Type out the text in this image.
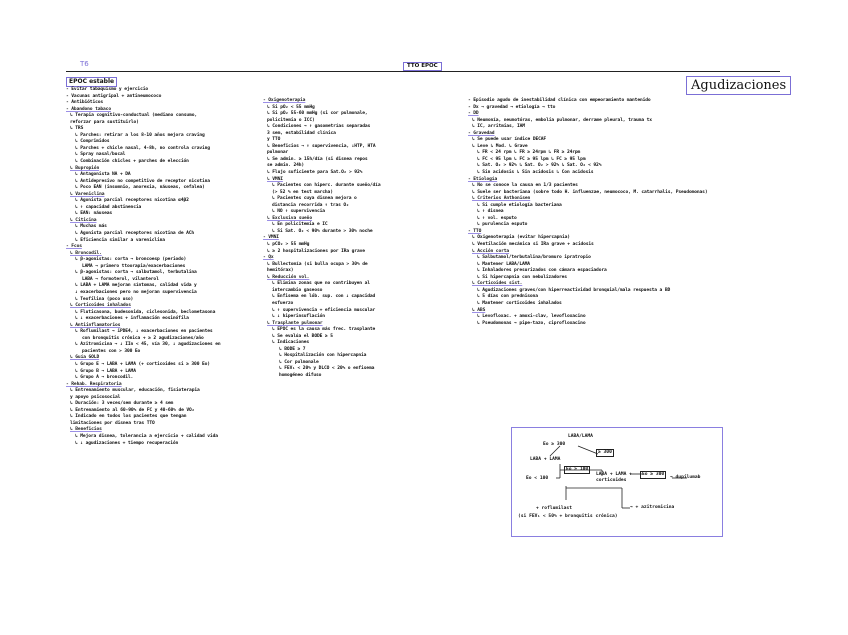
T6	TTO EPOC
EPOC estable	Agudizaciones
- Evitar tabaquismo y ejercicio
- Vacunas antigripal + antineumococo
- Antibióticos
- Abandono tabaco
↳ Terapia cognitivo-conductual (mediano consumo,
reforzar para sustituirlo)
↳ TRS
↳ Parches: retirar a los 8-10 años mejora craving
↳ Comprimidos
↳ Parches + chicle nasal, 4-8h, no controla craving
↳ Spray nasal/bucal
↳ Combinación chicles + parches de elección
↳ Bupropión
↳ Antagonista NA + DA
↳ Antidepresivo no competitivo de receptor nicotina
↳ Poco EAN (insomnio, anorexia, náuseas, cefalea)
↳ Vareniclina
↳ Agonista parcial receptores nicotina α4β2
↳ ↑ capacidad abstinencia
↳ EAN: náuseas
↳ Citicina
↳ Muchas más
↳ Agonista parcial receptores nicotina de ACh
↳ Eficiencia similar a vareniclina
- Fcos
↳ Broncodil.
↳ β-agonistas: corta → broncoesp (periodo)
LAMA → primero ttoorapia/exacerbaciones
↳ β-agonistas: corta → salbutamol, terbutalina
LABA → formoterol, vilanterol
↳ LABA + LAMA mejoran síntomas, calidad vida y
↓ exacerbaciones pero no mejoran supervivencia
↳ Teofilina (poco uso)
↳ Corticoides inhalados
↳ Fluticasona, budesonida, ciclesonida, beclometasona
↳ ↓ exacerbaciones + inflamación eosinófila
↳ Antiinflamatorios
↳ Roflumilast → iPDE4, ↓ exacerbaciones en pacientes
con bronquitis crónica + ≥ 2 agudizaciones/año
↳ Azitromicina → ↓ IIn < 45, vía 30, ↓ agudizaciones en
pacientes con > 300 Eo
↳ Guía GOLD
↳ Grupo E → LABA + LAMA (+ corticoides si ≥ 300 Eo)
↳ Grupo B → LABA + LAMA
↳ Grupo A → broncodil.
- Rehab. Respiratoria
↳ Entrenamiento muscular, educación, fisioterapia
y apoyo psicosocial
↳ Duración: 3 veces/sem durante ≥ 4 sem
↳ Entrenamiento al 60-90% de FC y 40-60% de VO₂
↳ Indicado en todos los pacientes que tengan
limitaciones por disnea tras TTO
↳ Beneficios
↳ Mejora disnea, tolerancia a ejercicio + calidad vida
↳ ↓ agudizaciones + tiempo recuperación
- Oxigenoterapia
↳ Si pO₂ < 55 mmHg
↳ Si pO₂ 55-60 mmHg (si cor pulmonale,
policitemia o ICC)
↳ Condiciones → ↑ gasometrías separadas
3 sem, estabilidad clínica
y TTO
↳ Beneficios → ↑ supervivencia, ↓HTP, HTA
pulmonar
↳ Se admin. ≥ 15h/día (si disnea repos
se admin. 24h)
↳ Flujo suficiente para Sat.O₂ > 92%
↳ VMNI
↳ Pacientes con hiperc. durante sueño/día
(> 52 % en test marcha)
↳ Pacientes cuya disnea mejora o
distancia recorrida ↑ tras O₂
↳ NO ↑ supervivencia
↳ Exclusiva sueño
↳ En policitemia e IC
↳ Si Sat. O₂ < 90% durante > 30% noche
- VMNI
↳ pCO₂ > 55 mmHg
↳ ≥ 2 hospitalizaciones por IRa grave
- Qx
↳ Bullectomía (si bulla ocupa > 30% de
hemitórax)
↳ Reducción vol.
↳ Elimina zonas que no contribuyen al
intercambio gaseoso
↳ Enfisema en lób. sup. con ↓ capacidad
esfuerzo
↳ ↑ supervivencia + eficiencia muscular
↳ ↓ hiperinsuflación
↳ Trasplante pulmonar
↳ EPOC es la causa más frec. trasplante
↳ Se evalúa el BODE ≥ 5
↳ Indicaciones
↳ BODE ≥ 7
↳ Hospitalización con hipercapnia
↳ Cor pulmonale
↳ FEV₁ < 20% y DLCO < 20% o enfisema
homogéneo difuso
- Episodio agudo de inestabilidad clínica con empeoramiento mantenido
- Dx → gravedad → etiología → tto
- DD
↳ Neumonía, neumotórax, embolia pulmonar, derrame pleural, trauma tx
↳ IC, arritmias, IAM
- Gravedad
↳ Se puede usar índice DECAF
↳ Leve ↳ Mod. ↳ Grave
↳ FR < 24 rpm ↳ FR ≥ 24rpm ↳ FR ≥ 24rpm
↳ FC < 95 lpm ↳ FC ≥ 95 lpm ↳ FC ≥ 95 lpm
↳ Sat. O₂ > 92% ↳ Sat. O₂ > 92% ↳ Sat. O₂ < 92%
↳ Sin acidosis ↳ Sin acidosis ↳ Con acidosis
- Etiología
↳ No se conoce la causa en 1/3 pacientes
↳ Suele ser bacteriana (sobre todo H. influenzae, neumococo, M. catarrhalis, Pseudomonas)
↳ Criterios Anthonisen
↳ Si cumple etiología bacteriana
↳ ↑ disnea
↳ ↑ vol. esputo
↳ purulencia esputo
- TTO
↳ Oxigenoterapia (evitar hipercapnia)
↳ Ventilación mecánica si IRa grave + acidosis
↳ Acción corta
↳ Salbutamol/terbutalina/bromuro ipratropio
↳ Mantener LABA/LAMA
↳ Inhaladores presurizados con cámara espaciadora
↳ Si hipercapnia con nebulizadores
↳ Corticoides sist.
↳ Agudizaciones graves/con hiperreactividad bronquial/mala respuesta a BD
↳ 5 días con prednisona
↳ Mantener corticoides inhalados
↳ ABS
↳ Levofloxac. + amoxi-clav, levofloxacino
↳ Pseudomonas → pipe-tazo, ciprofloxacino
LABA/LAMA
Eo ≥ 300
≥ 300
LABA + LAMA
Eo ≥ 100
LABA + LAMA + corticoides
Eo ≥ 300
→ dupilumab
Eo < 100
→ + azitromicina
+ roflumilast
(si FEV₁ < 50% + bronquitis crónica)
